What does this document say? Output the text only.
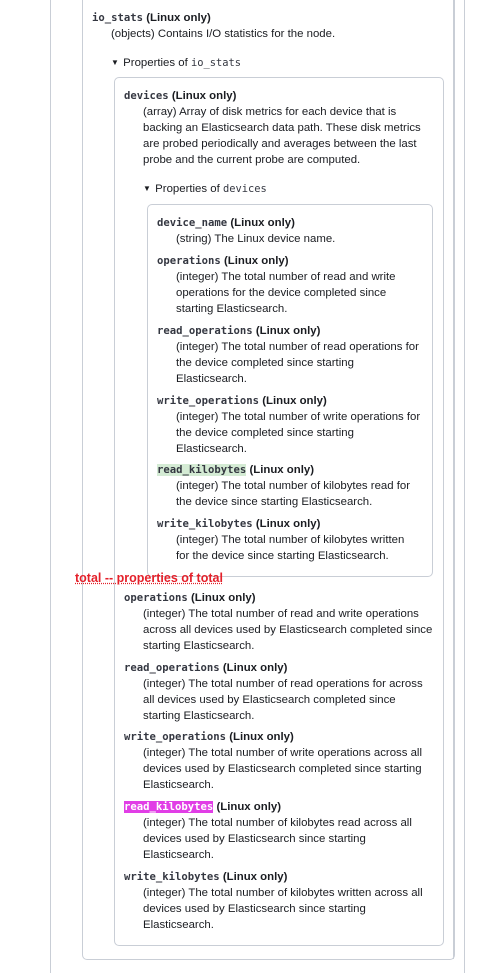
io_stats (Linux only)
(objects) Contains I/O statistics for the node.
▼ Properties of io_stats
devices (Linux only)
(array) Array of disk metrics for each device that is
backing an Elasticsearch data path. These disk metrics
are probed periodically and averages between the last
probe and the current probe are computed.
▼ Properties of devices
device_name (Linux only)
(string) The Linux device name.
operations (Linux only)
(integer) The total number of read and write
operations for the device completed since
starting Elasticsearch.
read_operations (Linux only)
(integer) The total number of read operations for
the device completed since starting
Elasticsearch.
write_operations (Linux only)
(integer) The total number of write operations for
the device completed since starting
Elasticsearch.
read_kilobytes (Linux only)
(integer) The total number of kilobytes read for
the device since starting Elasticsearch.
write_kilobytes (Linux only)
(integer) The total number of kilobytes written
for the device since starting Elasticsearch.
total -- properties of total
operations (Linux only)
(integer) The total number of read and write operations
across all devices used by Elasticsearch completed since
starting Elasticsearch.
read_operations (Linux only)
(integer) The total number of read operations for across
all devices used by Elasticsearch completed since
starting Elasticsearch.
write_operations (Linux only)
(integer) The total number of write operations across all
devices used by Elasticsearch completed since starting
Elasticsearch.
read_kilobytes (Linux only)
(integer) The total number of kilobytes read across all
devices used by Elasticsearch since starting
Elasticsearch.
write_kilobytes (Linux only)
(integer) The total number of kilobytes written across all
devices used by Elasticsearch since starting
Elasticsearch.
